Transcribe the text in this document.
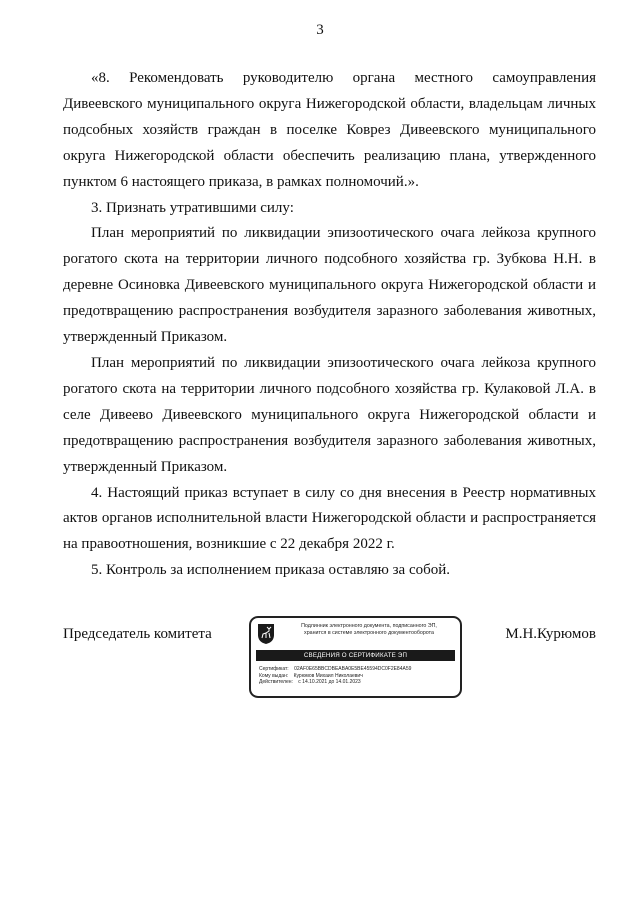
3

«8. Рекомендовать руководителю органа местного самоуправления Дивеевского муниципального округа Нижегородской области, владельцам личных подсобных хозяйств граждан в поселке Коврез Дивеевского муниципального округа Нижегородской области обеспечить реализацию плана, утвержденного пунктом 6 настоящего приказа, в рамках полномочий.».

3. Признать утратившими силу:

План мероприятий по ликвидации эпизоотического очага лейкоза крупного рогатого скота на территории личного подсобного хозяйства гр. Зубкова Н.Н. в деревне Осиновка Дивеевского муниципального округа Нижегородской области и предотвращению распространения возбудителя заразного заболевания животных, утвержденный Приказом.

План мероприятий по ликвидации эпизоотического очага лейкоза крупного рогатого скота на территории личного подсобного хозяйства гр. Кулаковой Л.А. в селе Дивеево Дивеевского муниципального округа Нижегородской области и предотвращению распространения возбудителя заразного заболевания животных, утвержденный Приказом.

4. Настоящий приказ вступает в силу со дня внесения в Реестр нормативных актов органов исполнительной власти Нижегородской области и распространяется на правоотношения, возникшие с 22 декабря 2022 г.

5. Контроль за исполнением приказа оставляю за собой.

Председатель комитета	Подлинник электронного документа, подписанного ЭП,
хранится в системе электронного документооборота
СВЕДЕНИЯ О СЕРТИФИКАТЕ ЭП
Сертификат: 02AF0E65BBCDBEABA0E5BE45594DC0F2E84A59
Кому выдан: Курюмов Михаил Николаевич
Действителен: с 14.10.2021 до 14.01.2023
М.Н.Курюмов
